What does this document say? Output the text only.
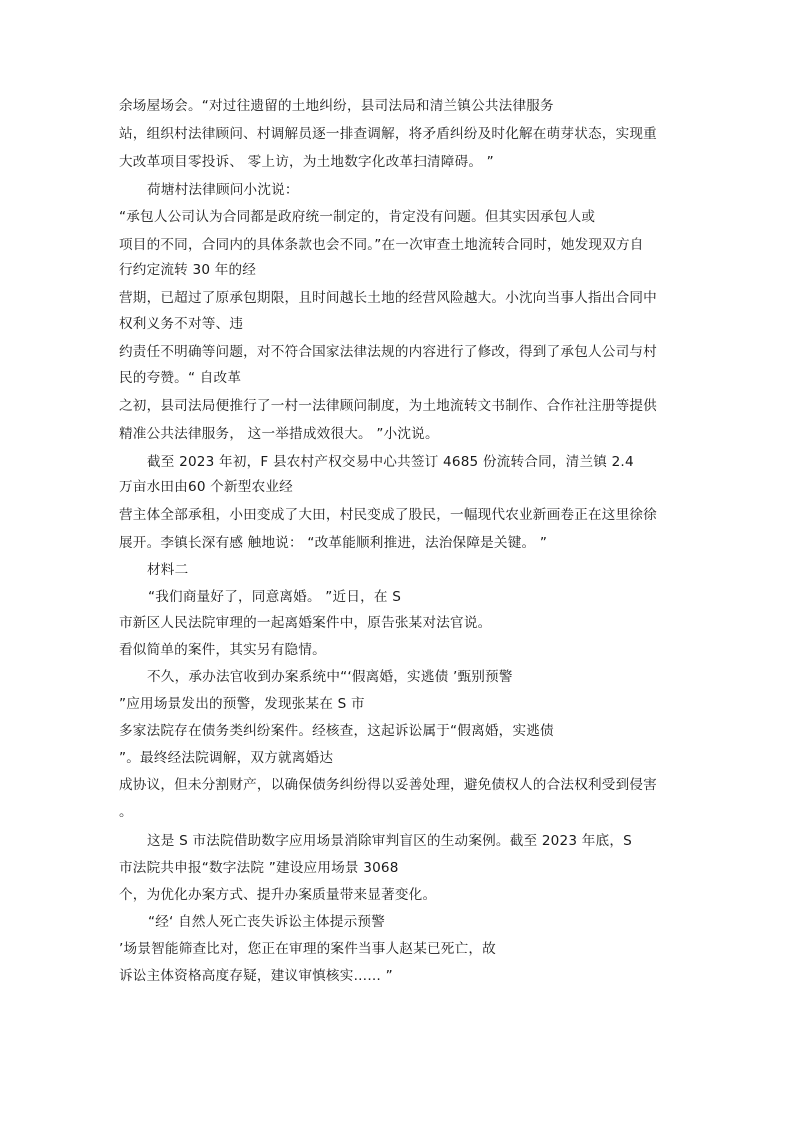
余场屋场会。“对过往遗留的土地纠纷，县司法局和清兰镇公共法律服务
站，组织村法律顾问、村调解员逐一排查调解，将矛盾纠纷及时化解在萌芽状态，实现重
大改革项目零投诉、 零上访，为土地数字化改革扫清障碍。 ”
荷塘村法律顾问小沈说：
“承包人公司认为合同都是政府统一制定的，肯定没有问题。但其实因承包人或
项目的不同，合同内的具体条款也会不同。”在一次审查土地流转合同时，她发现双方自
行约定流转 30 年的经
营期，已超过了原承包期限，且时间越长土地的经营风险越大。小沈向当事人指出合同中
权利义务不对等、违
约责任不明确等问题，对不符合国家法律法规的内容进行了修改，得到了承包人公司与村
民的夸赞。“ 自改革
之初，县司法局便推行了一村一法律顾问制度，为土地流转文书制作、合作社注册等提供
精准公共法律服务， 这一举措成效很大。 ”小沈说。
截至 2023 年初，F 县农村产权交易中心共签订 4685 份流转合同，清兰镇 2.4
万亩水田由60 个新型农业经
营主体全部承租，小田变成了大田，村民变成了股民，一幅现代农业新画卷正在这里徐徐
展开。李镇长深有感 触地说： “改革能顺利推进，法治保障是关键。 ”
材料二
“我们商量好了，同意离婚。 ”近日，在 S
市新区人民法院审理的一起离婚案件中，原告张某对法官说。
看似简单的案件，其实另有隐情。
不久，承办法官收到办案系统中“‘假离婚，实逃债 ’甄别预警
”应用场景发出的预警，发现张某在 S 市
多家法院存在债务类纠纷案件。经核查，这起诉讼属于“假离婚，实逃债
”。最终经法院调解，双方就离婚达
成协议，但未分割财产，以确保债务纠纷得以妥善处理，避免债权人的合法权利受到侵害
。
这是 S 市法院借助数字应用场景消除审判盲区的生动案例。截至 2023 年底，S
市法院共申报“数字法院 ”建设应用场景 3068
个，为优化办案方式、提升办案质量带来显著变化。
“经‘ 自然人死亡丧失诉讼主体提示预警
’场景智能筛查比对，您正在审理的案件当事人赵某已死亡，故
诉讼主体资格高度存疑，建议审慎核实…… ”
